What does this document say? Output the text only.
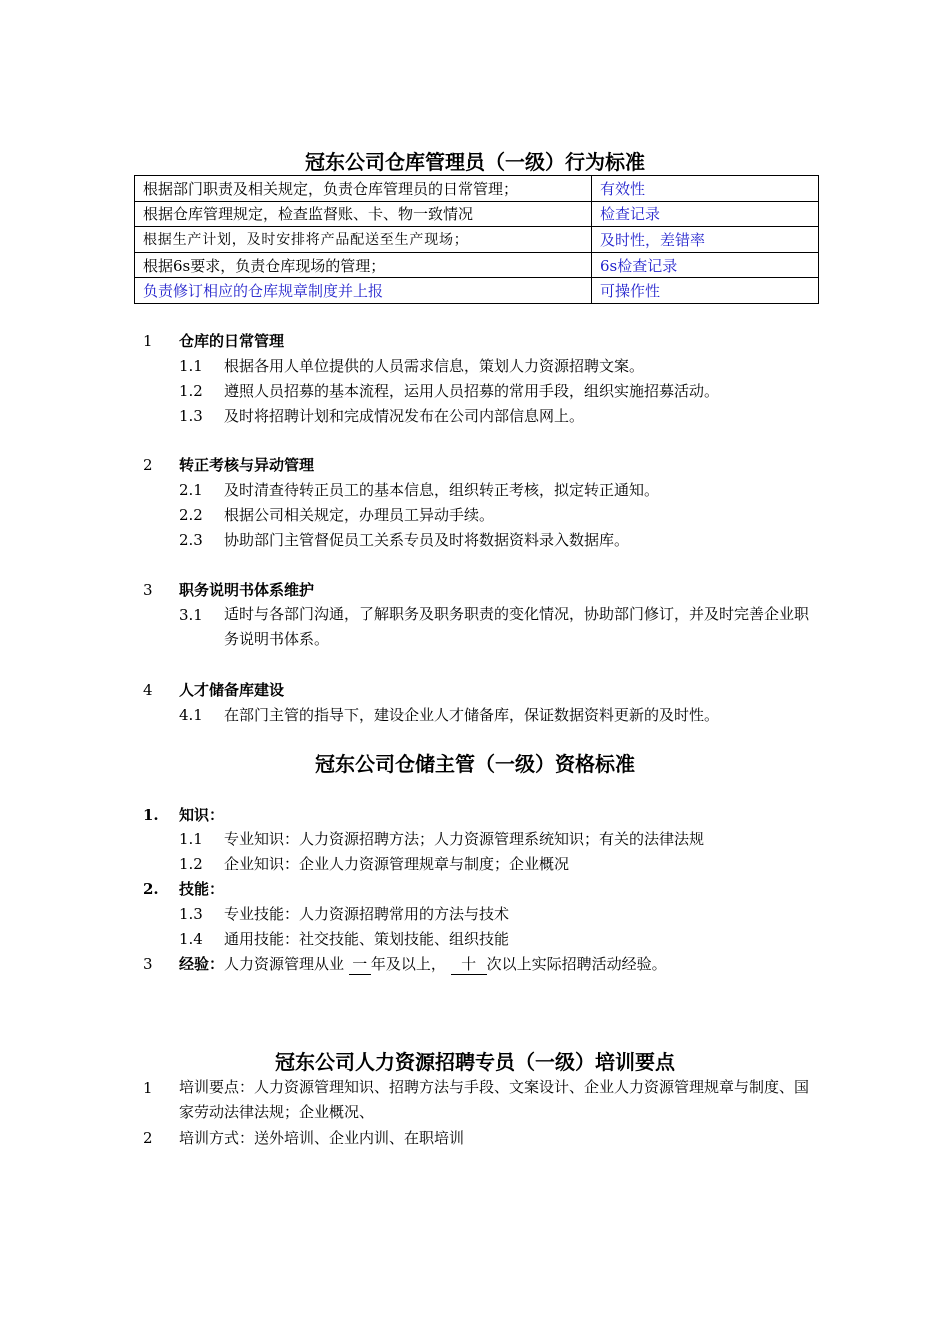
冠东公司仓库管理员（一级）行为标准
根据部门职责及相关规定，负责仓库管理员的日常管理；	有效性
根据仓库管理规定，检查监督账、卡、物一致情况	检查记录
根据生产计划，及时安排将产品配送至生产现场；	及时性，差错率
根据6s要求，负责仓库现场的管理；	6s检查记录
负责修订相应的仓库规章制度并上报	可操作性
1 仓库的日常管理
1.1 根据各用人单位提供的人员需求信息，策划人力资源招聘文案。
1.2 遵照人员招募的基本流程，运用人员招募的常用手段，组织实施招募活动。
1.3 及时将招聘计划和完成情况发布在公司内部信息网上。
2 转正考核与异动管理
2.1 及时清查待转正员工的基本信息，组织转正考核，拟定转正通知。
2.2 根据公司相关规定，办理员工异动手续。
2.3 协助部门主管督促员工关系专员及时将数据资料录入数据库。
3 职务说明书体系维护
3.1 适时与各部门沟通，了解职务及职务职责的变化情况，协助部门修订，并及时完善企业职务说明书体系。
4 人才储备库建设
4.1 在部门主管的指导下，建设企业人才储备库，保证数据资料更新的及时性。
冠东公司仓储主管（一级）资格标准
1. 知识：
1.1 专业知识：人力资源招聘方法；人力资源管理系统知识；有关的法律法规
1.2 企业知识：企业人力资源管理规章与制度；企业概况
2. 技能：
1.3 专业技能：人力资源招聘常用的方法与技术
1.4 通用技能：社交技能、策划技能、组织技能
3 经验：人力资源管理从业 一 年及以上， 十 次以上实际招聘活动经验。
冠东公司人力资源招聘专员（一级）培训要点
1 培训要点：人力资源管理知识、招聘方法与手段、文案设计、企业人力资源管理规章与制度、国家劳动法律法规；企业概况、
2 培训方式：送外培训、企业内训、在职培训
